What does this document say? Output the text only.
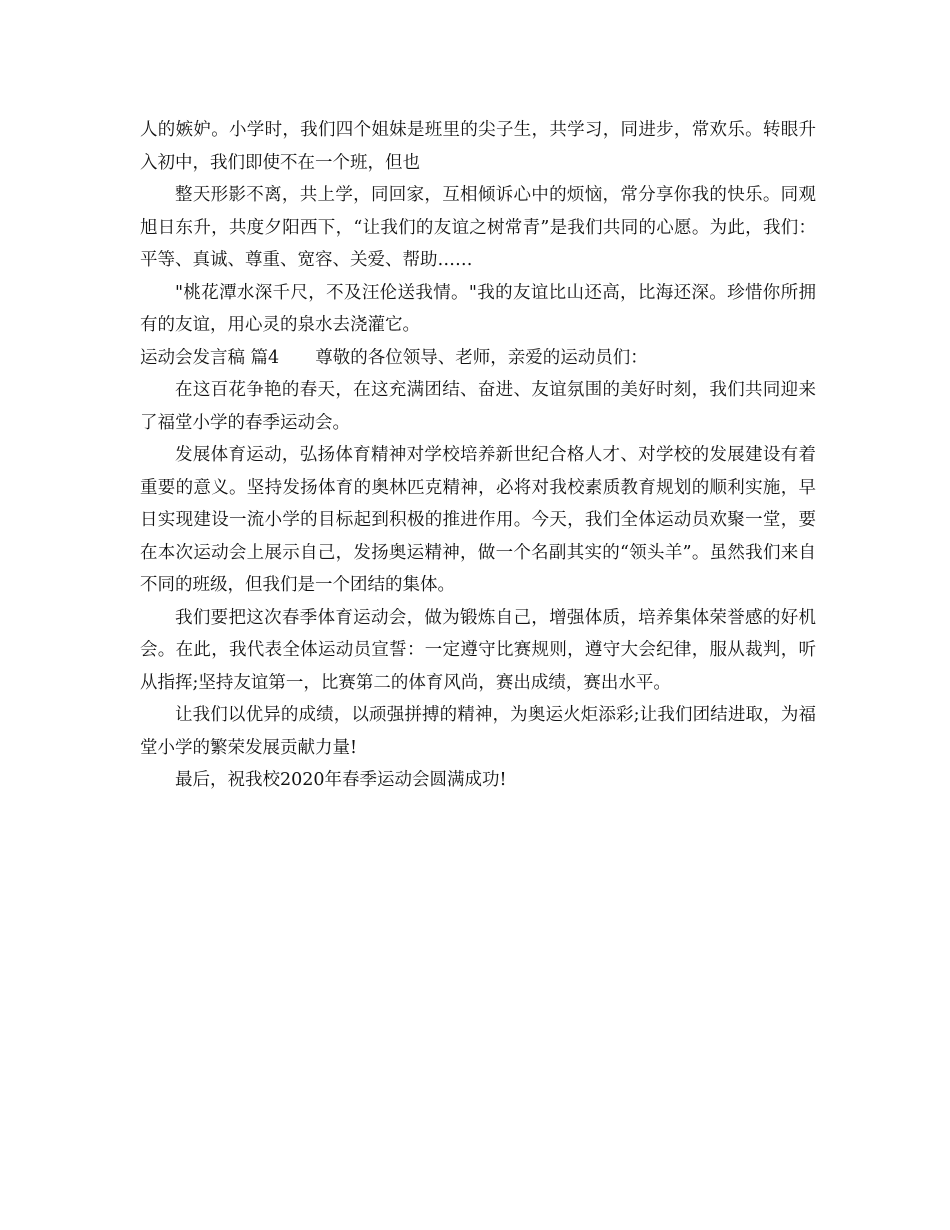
人的嫉妒。小学时，我们四个姐妹是班里的尖子生，共学习，同进步，常欢乐。转眼升入初中，我们即使不在一个班，但也

整天形影不离，共上学，同回家，互相倾诉心中的烦恼，常分享你我的快乐。同观旭日东升，共度夕阳西下，“让我们的友谊之树常青”是我们共同的心愿。为此，我们：平等、真诚、尊重、宽容、关爱、帮助……

"桃花潭水深千尺，不及汪伦送我情。"我的友谊比山还高，比海还深。珍惜你所拥有的友谊，用心灵的泉水去浇灌它。

运动会发言稿 篇4 尊敬的各位领导、老师，亲爱的运动员们：

在这百花争艳的春天，在这充满团结、奋进、友谊氛围的美好时刻，我们共同迎来了福堂小学的春季运动会。

发展体育运动，弘扬体育精神对学校培养新世纪合格人才、对学校的发展建设有着重要的意义。坚持发扬体育的奥林匹克精神，必将对我校素质教育规划的顺利实施，早日实现建设一流小学的目标起到积极的推进作用。今天，我们全体运动员欢聚一堂，要在本次运动会上展示自己，发扬奥运精神，做一个名副其实的“领头羊”。虽然我们来自不同的班级，但我们是一个团结的集体。

我们要把这次春季体育运动会，做为锻炼自己，增强体质，培养集体荣誉感的好机会。在此，我代表全体运动员宣誓：一定遵守比赛规则，遵守大会纪律，服从裁判，听从指挥;坚持友谊第一，比赛第二的体育风尚，赛出成绩，赛出水平。

让我们以优异的成绩，以顽强拼搏的精神，为奥运火炬添彩;让我们团结进取，为福堂小学的繁荣发展贡献力量!

最后，祝我校2020年春季运动会圆满成功!
